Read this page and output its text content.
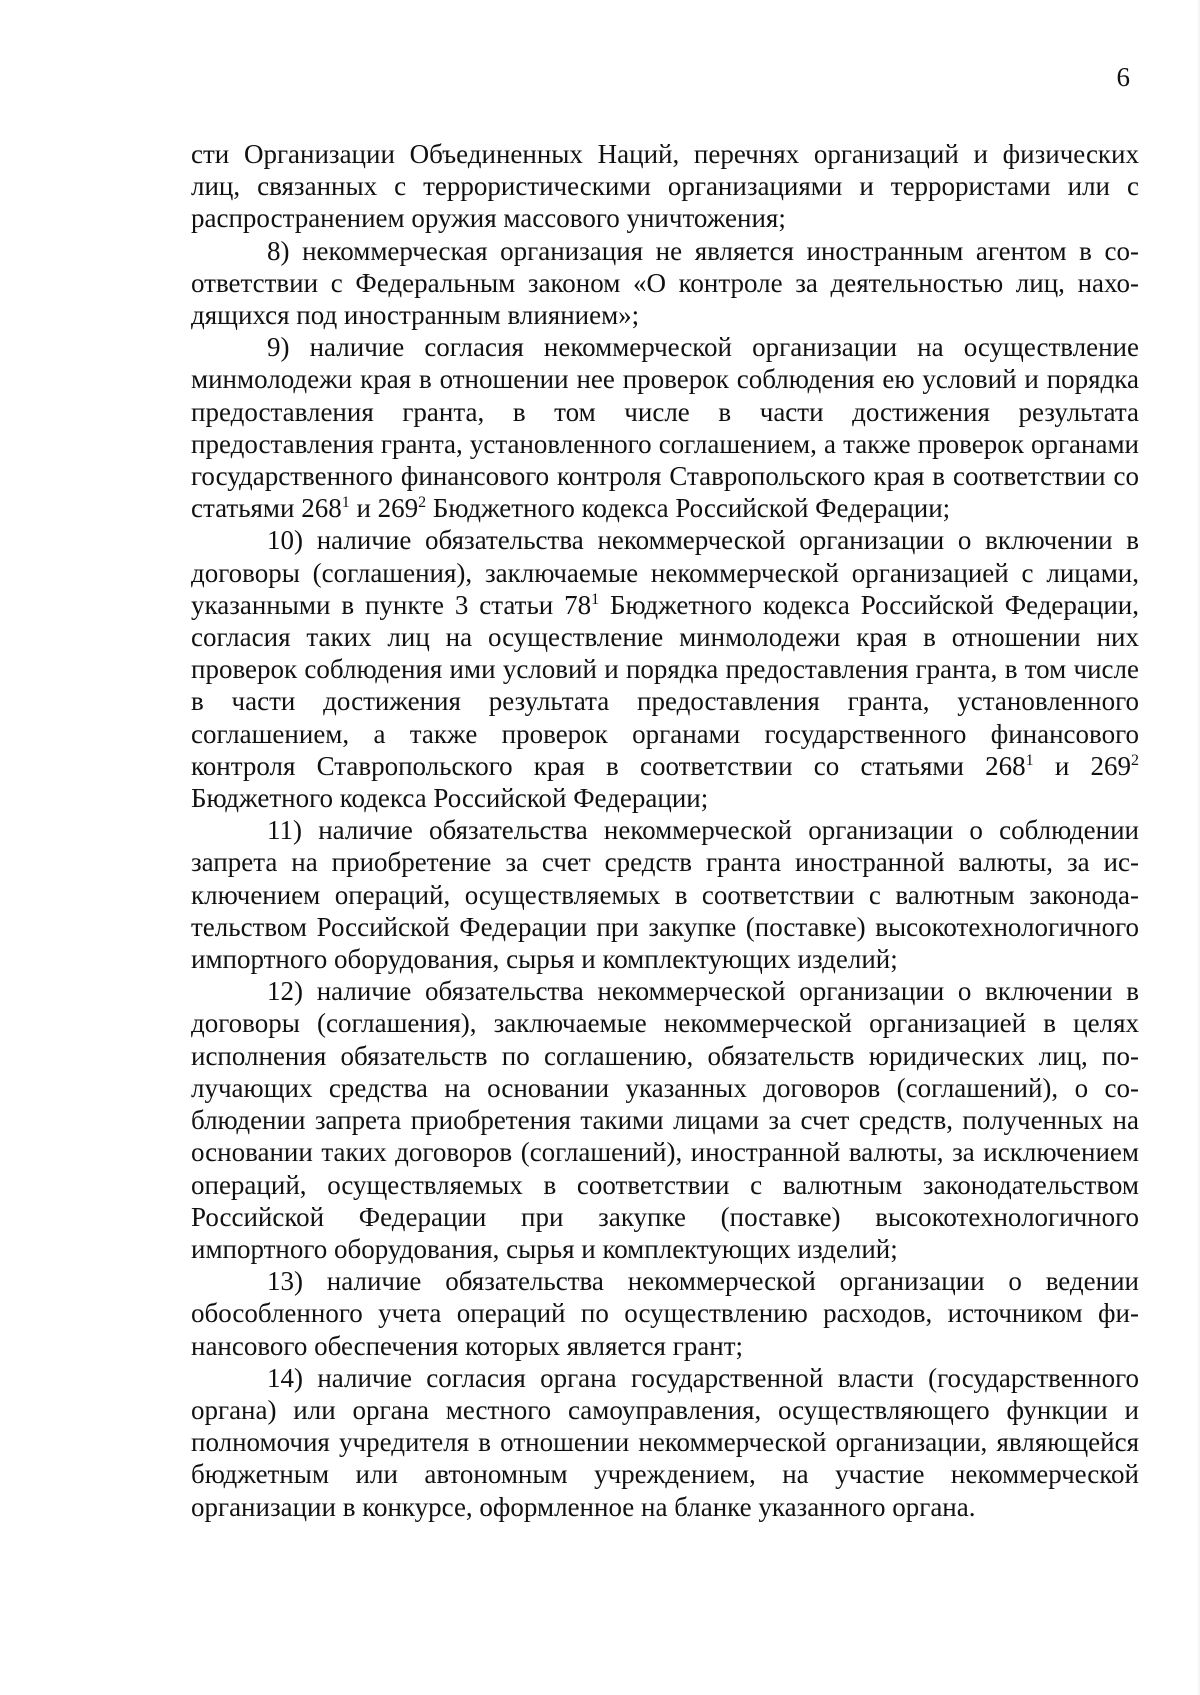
6

сти Организации Объединенных Наций, перечнях организаций и физических лиц, связанных с террористическими организациями и террористами или с распространением оружия массового уничтожения;

8) некоммерческая организация не является иностранным агентом в соответствии с Федеральным законом «О контроле за деятельностью лиц, находящихся под иностранным влиянием»;

9) наличие согласия некоммерческой организации на осуществление минмолодежи края в отношении нее проверок соблюдения ею условий и порядка предоставления гранта, в том числе в части достижения результата предоставления гранта, установленного соглашением, а также проверок органами государственного финансового контроля Ставропольского края в соответствии со статьями $268^1$ и $269^2$ Бюджетного кодекса Российской Федерации;

10) наличие обязательства некоммерческой организации о включении в договоры (соглашения), заключаемые некоммерческой организацией с лицами, указанными в пункте 3 статьи $78^1$ Бюджетного кодекса Российской Федерации, согласия таких лиц на осуществление минмолодежи края в отношении них проверок соблюдения ими условий и порядка предоставления гранта, в том числе в части достижения результата предоставления гранта, установленного соглашением, а также проверок органами государственного финансового контроля Ставропольского края в соответствии со статьями $268^1$ и $269^2$ Бюджетного кодекса Российской Федерации;

11) наличие обязательства некоммерческой организации о соблюдении запрета на приобретение за счет средств гранта иностранной валюты, за исключением операций, осуществляемых в соответствии с валютным законодательством Российской Федерации при закупке (поставке) высокотехнологичного импортного оборудования, сырья и комплектующих изделий;

12) наличие обязательства некоммерческой организации о включении в договоры (соглашения), заключаемые некоммерческой организацией в целях исполнения обязательств по соглашению, обязательств юридических лиц, получающих средства на основании указанных договоров (соглашений), о соблюдении запрета приобретения такими лицами за счет средств, полученных на основании таких договоров (соглашений), иностранной валюты, за исключением операций, осуществляемых в соответствии с валютным законодательством Российской Федерации при закупке (поставке) высокотехнологичного импортного оборудования, сырья и комплектующих изделий;

13) наличие обязательства некоммерческой организации о ведении обособленного учета операций по осуществлению расходов, источником финансового обеспечения которых является грант;

14) наличие согласия органа государственной власти (государственного органа) или органа местного самоуправления, осуществляющего функции и полномочия учредителя в отношении некоммерческой организации, являющейся бюджетным или автономным учреждением, на участие некоммерческой организации в конкурсе, оформленное на бланке указанного органа.
